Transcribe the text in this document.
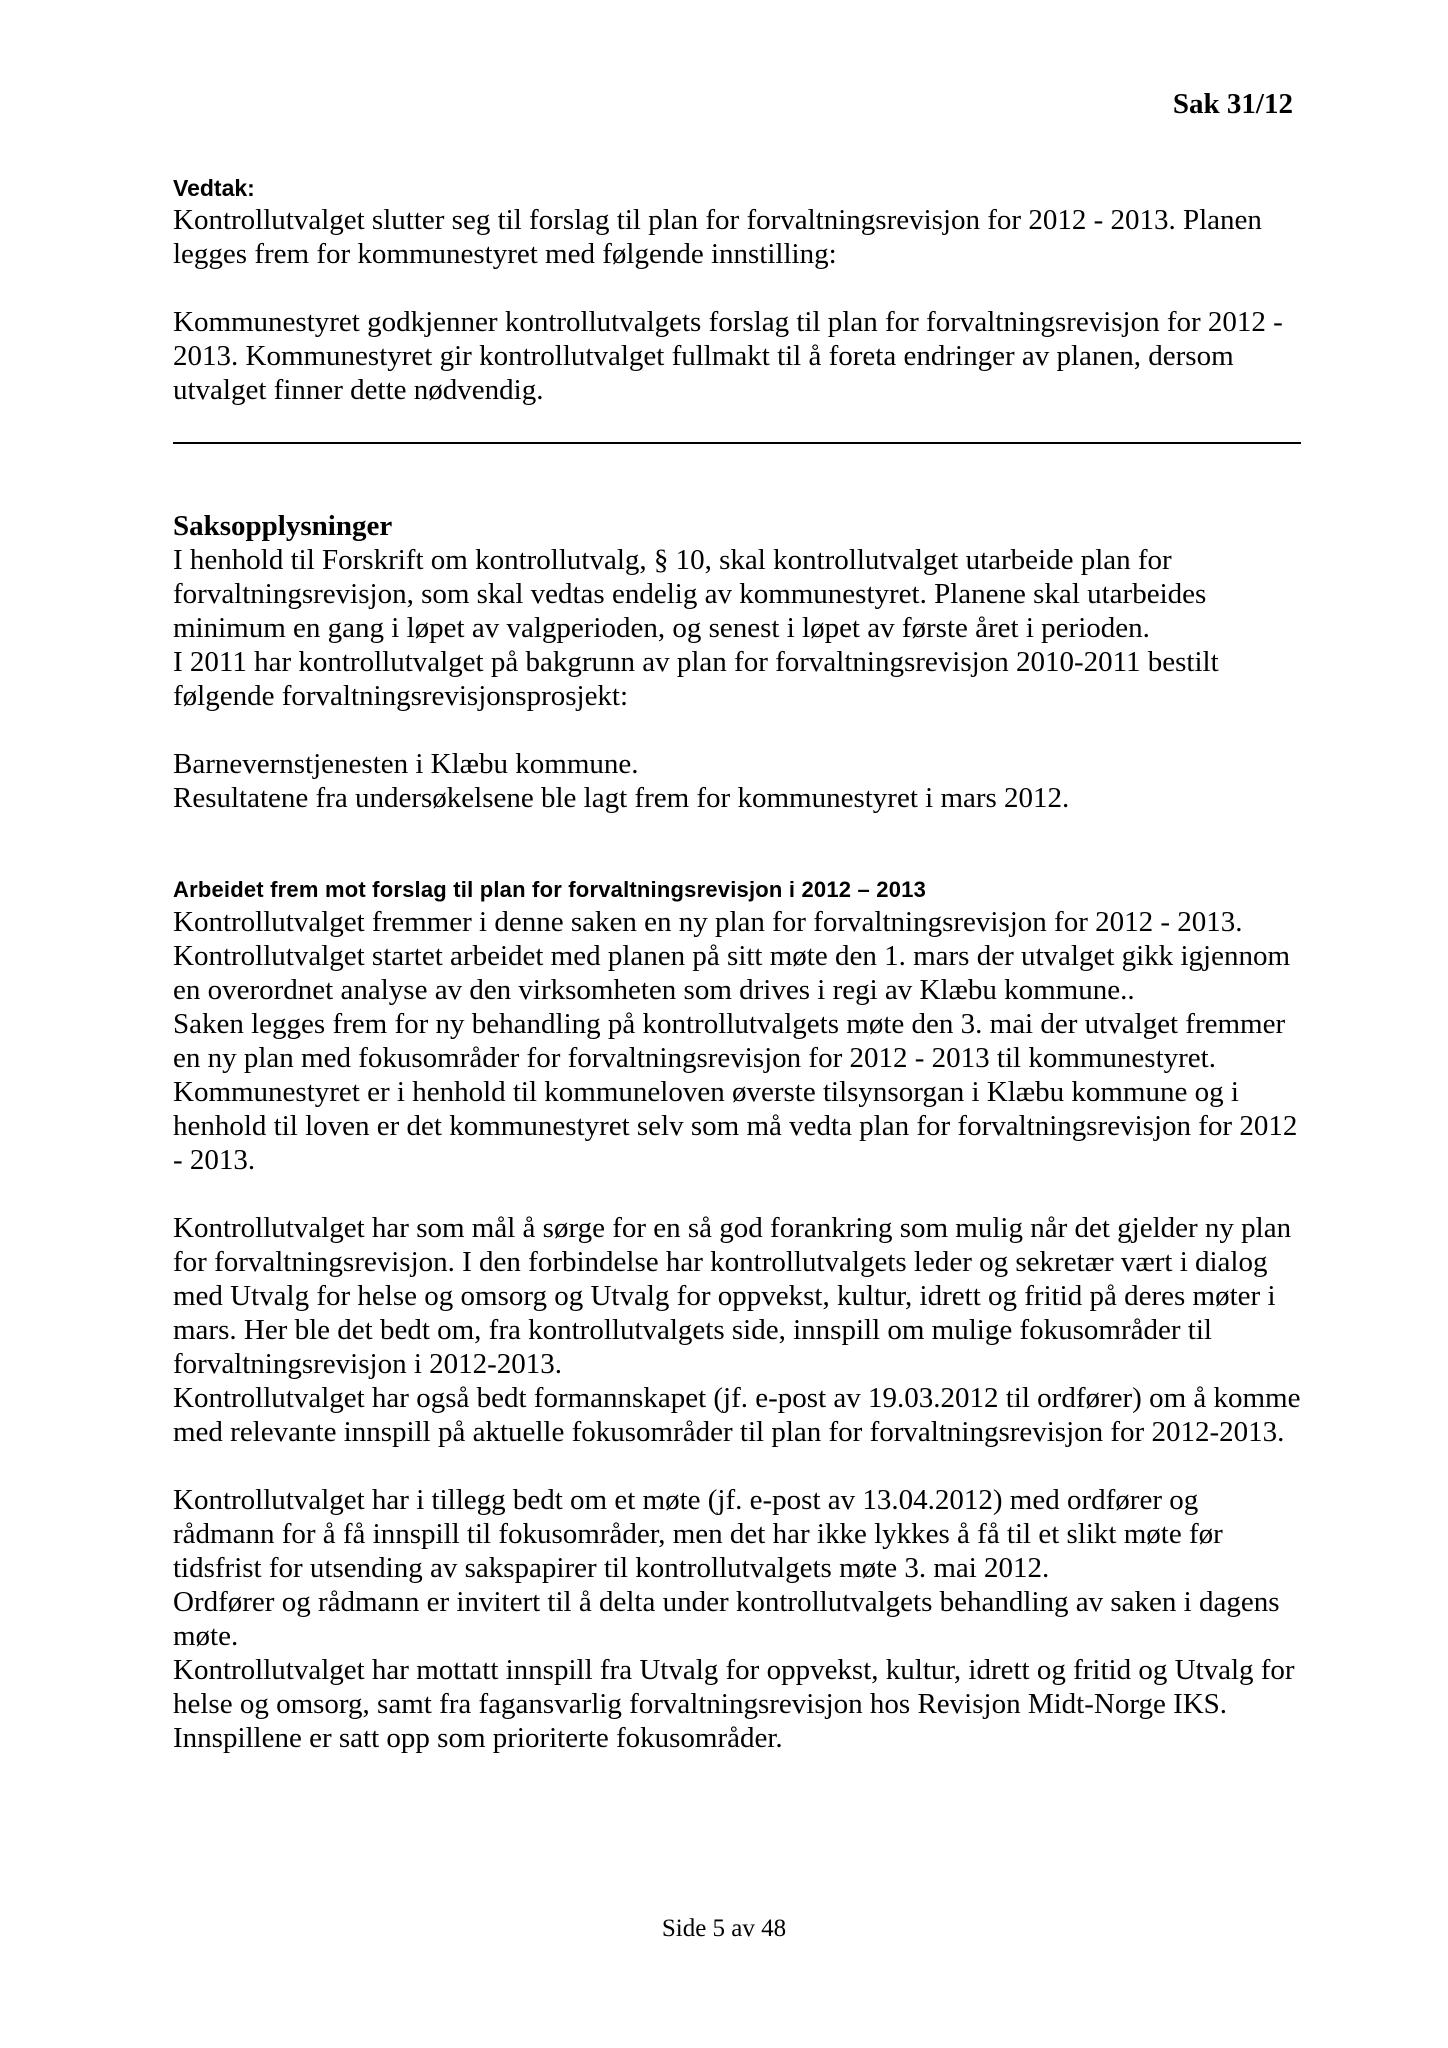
Sak 31/12
Vedtak:

Kontrollutvalget slutter seg til forslag til plan for forvaltningsrevisjon for 2012 - 2013. Planen legges frem for kommunestyret med følgende innstilling:

Kommunestyret godkjenner kontrollutvalgets forslag til plan for forvaltningsrevisjon for 2012 - 2013. Kommunestyret gir kontrollutvalget fullmakt til å foreta endringer av planen, dersom utvalget finner dette nødvendig.

Saksopplysninger

I henhold til Forskrift om kontrollutvalg, § 10, skal kontrollutvalget utarbeide plan for forvaltningsrevisjon, som skal vedtas endelig av kommunestyret. Planene skal utarbeides minimum en gang i løpet av valgperioden, og senest i løpet av første året i perioden.

I 2011 har kontrollutvalget på bakgrunn av plan for forvaltningsrevisjon 2010-2011 bestilt følgende forvaltningsrevisjonsprosjekt:

Barnevernstjenesten i Klæbu kommune.

Resultatene fra undersøkelsene ble lagt frem for kommunestyret i mars 2012.

Arbeidet frem mot forslag til plan for forvaltningsrevisjon i 2012 – 2013

Kontrollutvalget fremmer i denne saken en ny plan for forvaltningsrevisjon for 2012 - 2013.

Kontrollutvalget startet arbeidet med planen på sitt møte den 1. mars der utvalget gikk igjennom en overordnet analyse av den virksomheten som drives i regi av Klæbu kommune..

Saken legges frem for ny behandling på kontrollutvalgets møte den 3. mai der utvalget fremmer en ny plan med fokusområder for forvaltningsrevisjon for 2012 - 2013 til kommunestyret.

Kommunestyret er i henhold til kommuneloven øverste tilsynsorgan i Klæbu kommune og i henhold til loven er det kommunestyret selv som må vedta plan for forvaltningsrevisjon for 2012 - 2013.

Kontrollutvalget har som mål å sørge for en så god forankring som mulig når det gjelder ny plan for forvaltningsrevisjon. I den forbindelse har kontrollutvalgets leder og sekretær vært i dialog med Utvalg for helse og omsorg og Utvalg for oppvekst, kultur, idrett og fritid på deres møter i mars. Her ble det bedt om, fra kontrollutvalgets side, innspill om mulige fokusområder til forvaltningsrevisjon i 2012-2013.

Kontrollutvalget har også bedt formannskapet (jf. e-post av 19.03.2012 til ordfører) om å komme med relevante innspill på aktuelle fokusområder til plan for forvaltningsrevisjon for 2012-2013.

Kontrollutvalget har i tillegg bedt om et møte (jf. e-post av 13.04.2012) med ordfører og rådmann for å få innspill til fokusområder, men det har ikke lykkes å få til et slikt møte før tidsfrist for utsending av sakspapirer til kontrollutvalgets møte 3. mai 2012.

Ordfører og rådmann er invitert til å delta under kontrollutvalgets behandling av saken i dagens møte.

Kontrollutvalget har mottatt innspill fra Utvalg for oppvekst, kultur, idrett og fritid og Utvalg for helse og omsorg, samt fra fagansvarlig forvaltningsrevisjon hos Revisjon Midt-Norge IKS. Innspillene er satt opp som prioriterte fokusområder.

Side 5 av 48
